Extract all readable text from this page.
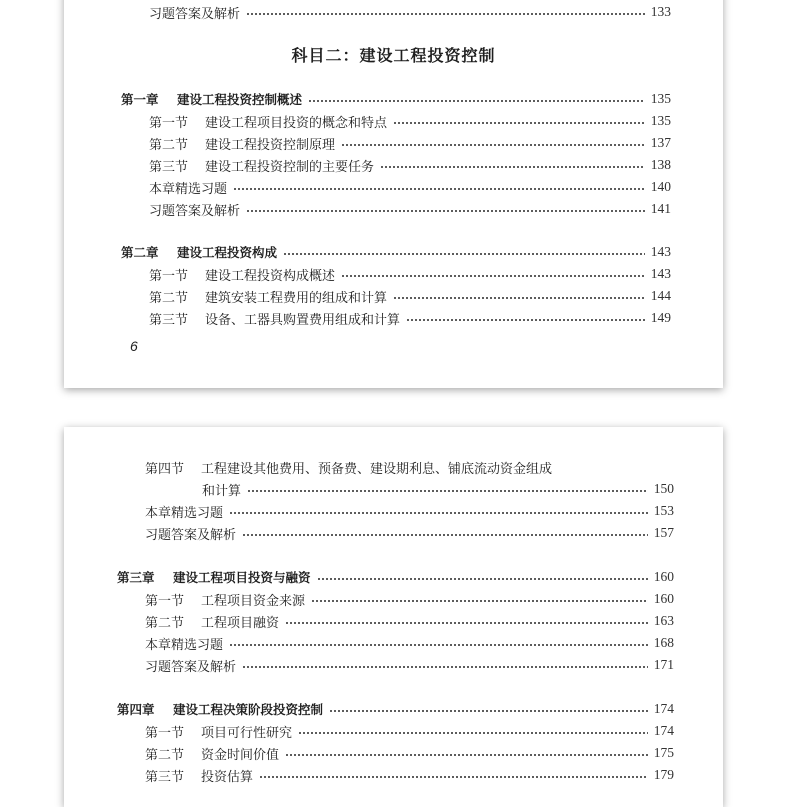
习题答案及解析	133
科目二：建设工程投资控制
第一章 建设工程投资控制概述	135
第一节 建设工程项目投资的概念和特点	135
第二节 建设工程投资控制原理	137
第三节 建设工程投资控制的主要任务	138
本章精选习题	140
习题答案及解析	141
第二章 建设工程投资构成	143
第一节 建设工程投资构成概述	143
第二节 建筑安装工程费用的组成和计算	144
第三节 设备、工器具购置费用组成和计算	149
6
第四节 工程建设其他费用、预备费、建设期利息、铺底流动资金组成
和计算	150
本章精选习题	153
习题答案及解析	157
第三章 建设工程项目投资与融资	160
第一节 工程项目资金来源	160
第二节 工程项目融资	163
本章精选习题	168
习题答案及解析	171
第四章 建设工程决策阶段投资控制	174
第一节 项目可行性研究	174
第二节 资金时间价值	175
第三节 投资估算	179
